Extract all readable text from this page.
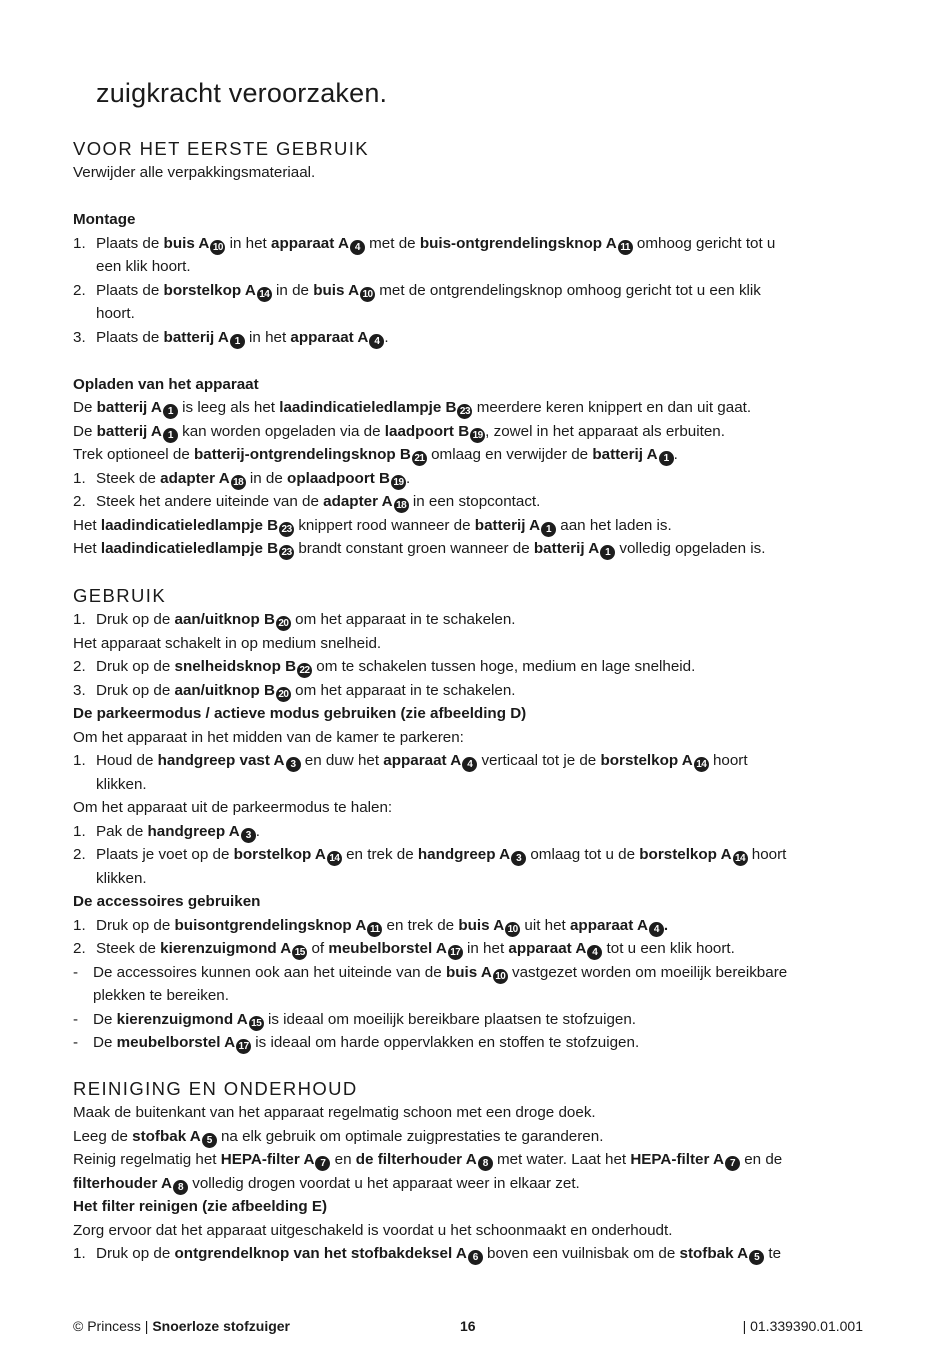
zuigkracht veroorzaken.
VOOR HET EERSTE GEBRUIK
Verwijder alle verpakkingsmateriaal.

Montage
1. Plaats de buis A 10 in het apparaat A 4 met de buis-ontgrendelingsknop A 11 omhoog gericht tot u
een klik hoort.
2. Plaats de borstelkop A 14 in de buis A 10 met de ontgrendelingsknop omhoog gericht tot u een klik
hoort.
3. Plaats de batterij A 1 in het apparaat A 4 .

Opladen van het apparaat
De batterij A 1 is leeg als het laadindicatieledlampje B 23 meerdere keren knippert en dan uit gaat.
De batterij A 1 kan worden opgeladen via de laadpoort B 19 , zowel in het apparaat als erbuiten.
Trek optioneel de batterij-ontgrendelingsknop B 21 omlaag en verwijder de batterij A 1 .
1. Steek de adapter A 18 in de oplaadpoort B 19 .
2. Steek het andere uiteinde van de adapter A 18 in een stopcontact.
Het laadindicatieledlampje B 23 knippert rood wanneer de batterij A 1 aan het laden is.
Het laadindicatieledlampje B 23 brandt constant groen wanneer de batterij A 1 volledig opgeladen is.
GEBRUIK
1. Druk op de aan/uitknop B 20 om het apparaat in te schakelen.
Het apparaat schakelt in op medium snelheid.
2. Druk op de snelheidsknop B 22 om te schakelen tussen hoge, medium en lage snelheid.
3. Druk op de aan/uitknop B 20 om het apparaat in te schakelen.
De parkeermodus / actieve modus gebruiken (zie afbeelding D)
Om het apparaat in het midden van de kamer te parkeren:
1. Houd de handgreep vast A 3 en duw het apparaat A 4 verticaal tot je de borstelkop A 14 hoort
klikken.
Om het apparaat uit de parkeermodus te halen:
1. Pak de handgreep A 3 .
2. Plaats je voet op de borstelkop A 14 en trek de handgreep A 3 omlaag tot u de borstelkop A 14 hoort
klikken.
De accessoires gebruiken
1. Druk op de buisontgrendelingsknop A 11 en trek de buis A 10 uit het apparaat A 4 .
2. Steek de kierenzuigmond A 15 of meubelborstel A 17 in het apparaat A 4 tot u een klik hoort.
- De accessoires kunnen ook aan het uiteinde van de buis A 10 vastgezet worden om moeilijk bereikbare
plekken te bereiken.
- De kierenzuigmond A 15 is ideaal om moeilijk bereikbare plaatsen te stofzuigen.
- De meubelborstel A 17 is ideaal om harde oppervlakken en stoffen te stofzuigen.
REINIGING EN ONDERHOUD
Maak de buitenkant van het apparaat regelmatig schoon met een droge doek.
Leeg de stofbak A 5 na elk gebruik om optimale zuigprestaties te garanderen.
Reinig regelmatig het HEPA-filter A 7 en de filterhouder A 8 met water. Laat het HEPA-filter A 7 en de
filterhouder A 8 volledig drogen voordat u het apparaat weer in elkaar zet.
Het filter reinigen (zie afbeelding E)
Zorg ervoor dat het apparaat uitgeschakeld is voordat u het schoonmaakt en onderhoudt.
1. Druk op de ontgrendelknop van het stofbakdeksel A 6 boven een vuilnisbak om de stofbak A 5 te
© Princess | Snoerloze stofzuiger	16	| 01.339390.01.001
